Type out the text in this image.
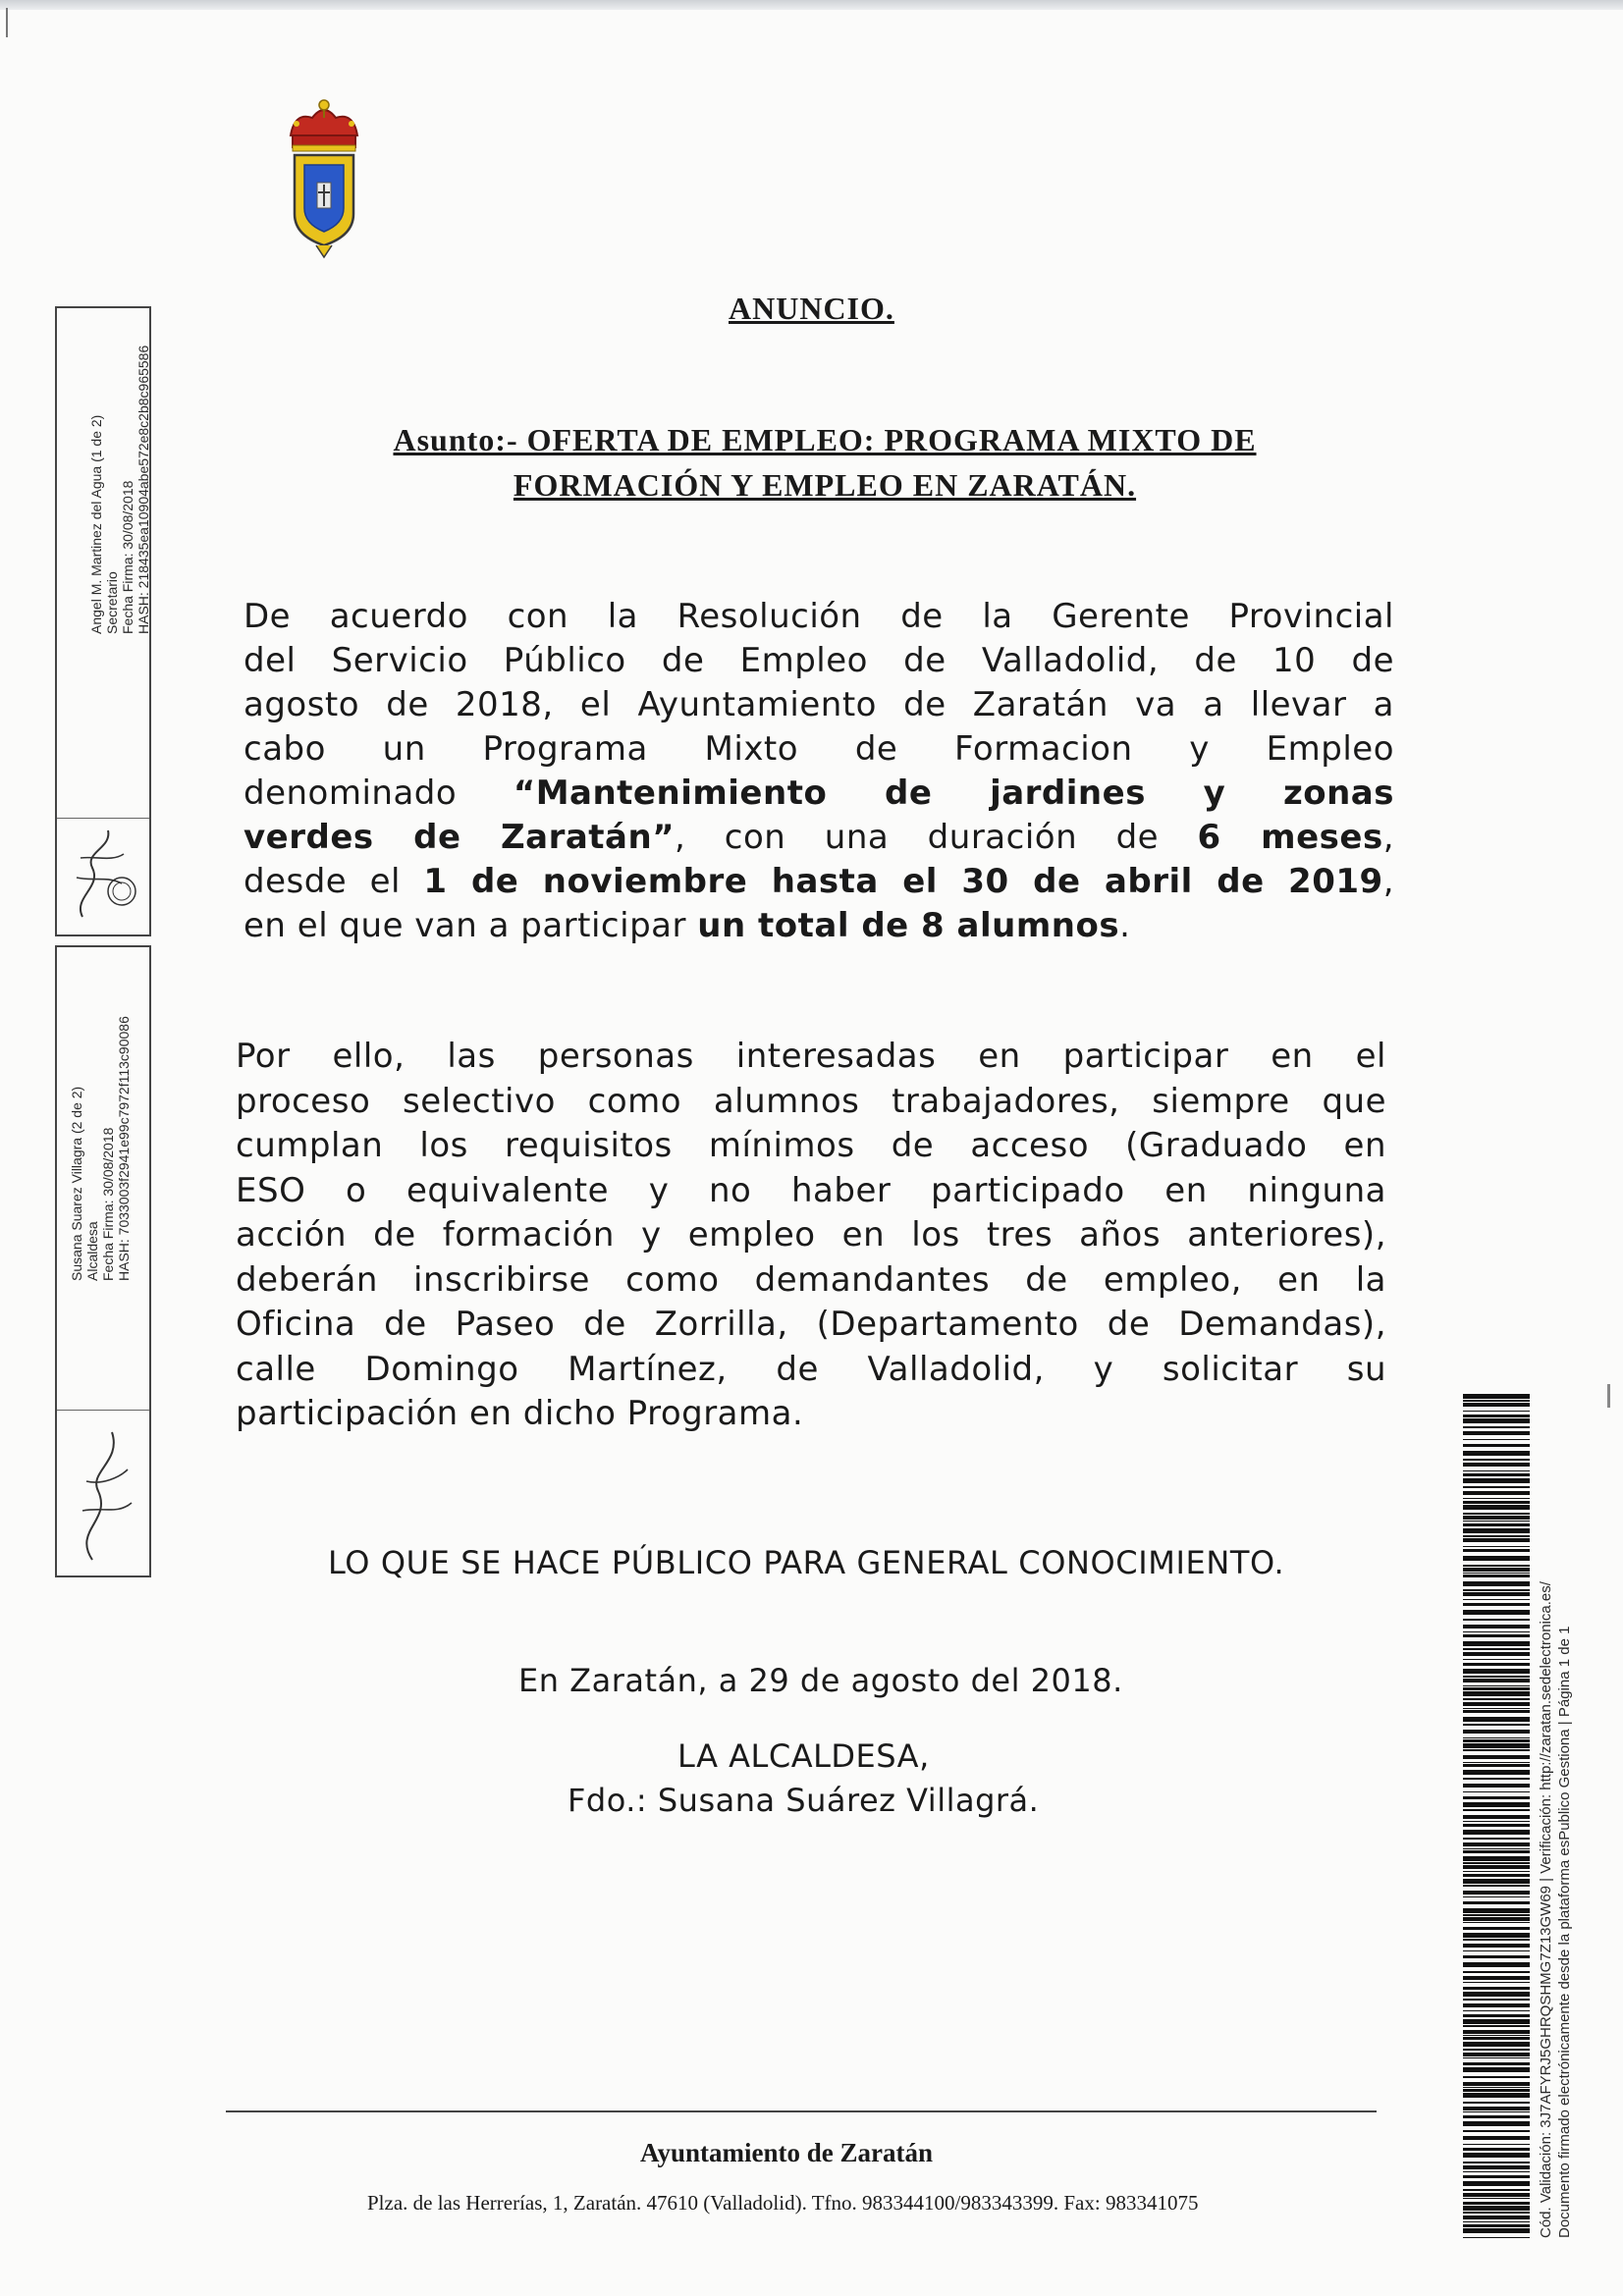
Angel M. Martinez del Agua (1 de 2) Secretario Fecha Firma: 30/08/2018 HASH: 218435ea10904abe572e8c2b8c965586
Susana Suarez Villagra (2 de 2) Alcaldesa Fecha Firma: 30/08/2018 HASH: 7033003f2941e99c7972f113c90086
ANUNCIO.
Asunto:- OFERTA DE EMPLEO: PROGRAMA MIXTO DE
FORMACIÓN Y EMPLEO EN ZARATÁN.
De acuerdo con la Resolución de la Gerente Provincial
del Servicio Público de Empleo de Valladolid, de 10 de
agosto de 2018, el Ayuntamiento de Zaratán va a llevar a
cabo un Programa Mixto de Formacion y Empleo
denominado “Mantenimiento de jardines y zonas
verdes de Zaratán”, con una duración de 6 meses,
desde el 1 de noviembre hasta el 30 de abril de 2019,
en el que van a participar un total de 8 alumnos.
Por ello, las personas interesadas en participar en el
proceso selectivo como alumnos trabajadores, siempre que
cumplan los requisitos mínimos de acceso (Graduado en
ESO o equivalente y no haber participado en ninguna
acción de formación y empleo en los tres años anteriores),
deberán inscribirse como demandantes de empleo, en la
Oficina de Paseo de Zorrilla, (Departamento de Demandas),
calle Domingo Martínez, de Valladolid, y solicitar su
participación en dicho Programa.
LO QUE SE HACE PÚBLICO PARA GENERAL CONOCIMIENTO.
En Zaratán, a 29 de agosto del 2018.
LA ALCALDESA,
Fdo.: Susana Suárez Villagrá.
Ayuntamiento de Zaratán
Plza. de las Herrerías, 1, Zaratán. 47610 (Valladolid). Tfno. 983344100/983343399. Fax: 983341075	Cód. Validación: 3J7AFYRJ5GHRQSHMG7Z13GW69 | Verificación: http://zaratan.sedelectronica.es/ Documento firmado electrónicamente desde la plataforma esPublico Gestiona | Página 1 de 1
